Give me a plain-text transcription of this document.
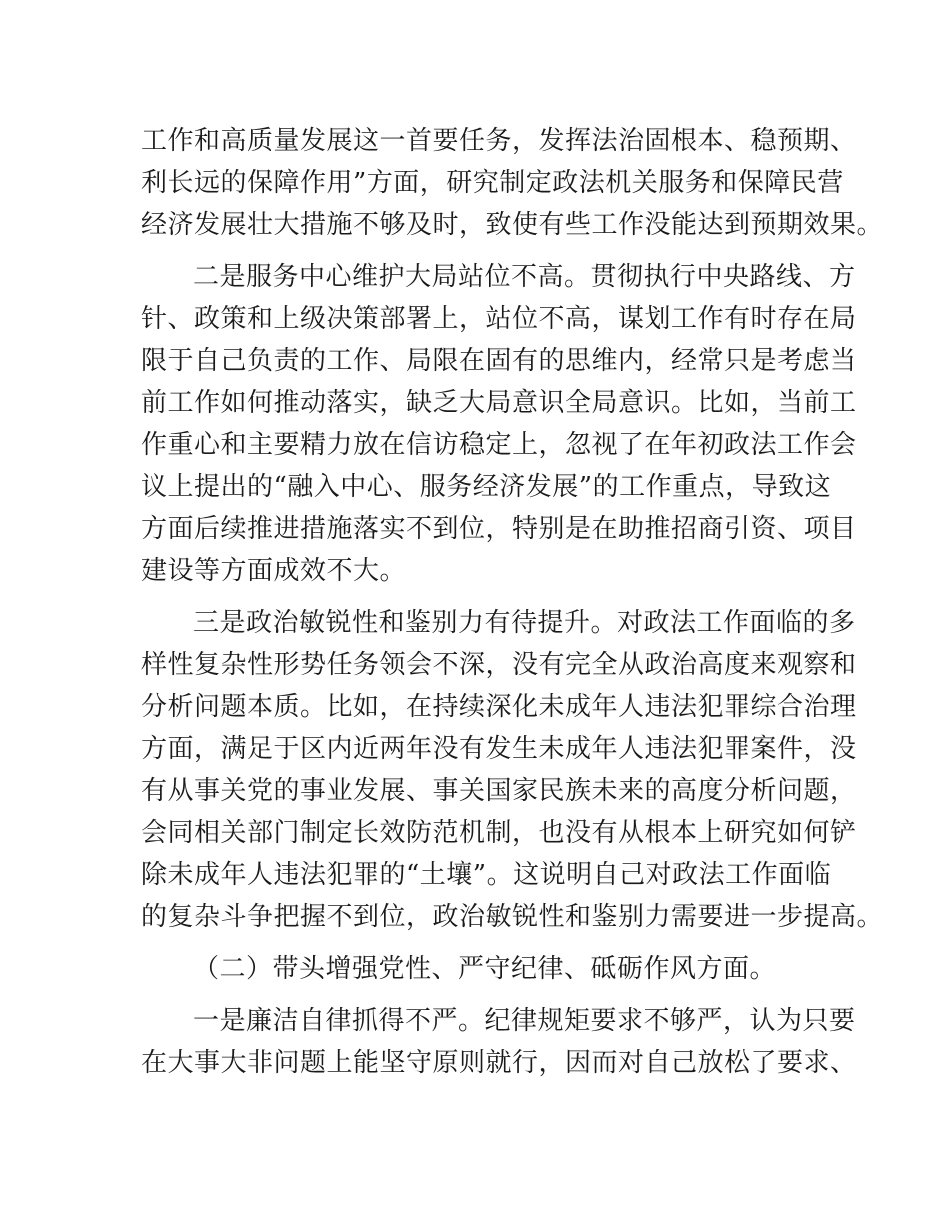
工作和高质量发展这一首要任务，发挥法治固根本、稳预期、
利长远的保障作用”方面，研究制定政法机关服务和保障民营
经济发展壮大措施不够及时，致使有些工作没能达到预期效果。

二是服务中心维护大局站位不高。贯彻执行中央路线、方
针、政策和上级决策部署上，站位不高，谋划工作有时存在局
限于自己负责的工作、局限在固有的思维内，经常只是考虑当
前工作如何推动落实，缺乏大局意识全局意识。比如，当前工
作重心和主要精力放在信访稳定上，忽视了在年初政法工作会
议上提出的“融入中心、服务经济发展”的工作重点，导致这
方面后续推进措施落实不到位，特别是在助推招商引资、项目
建设等方面成效不大。

三是政治敏锐性和鉴别力有待提升。对政法工作面临的多
样性复杂性形势任务领会不深，没有完全从政治高度来观察和
分析问题本质。比如，在持续深化未成年人违法犯罪综合治理
方面，满足于区内近两年没有发生未成年人违法犯罪案件，没
有从事关党的事业发展、事关国家民族未来的高度分析问题，
会同相关部门制定长效防范机制，也没有从根本上研究如何铲
除未成年人违法犯罪的“土壤”。这说明自己对政法工作面临
的复杂斗争把握不到位，政治敏锐性和鉴别力需要进一步提高。

（二）带头增强党性、严守纪律、砥砺作风方面。

一是廉洁自律抓得不严。纪律规矩要求不够严，认为只要
在大事大非问题上能坚守原则就行，因而对自己放松了要求、
